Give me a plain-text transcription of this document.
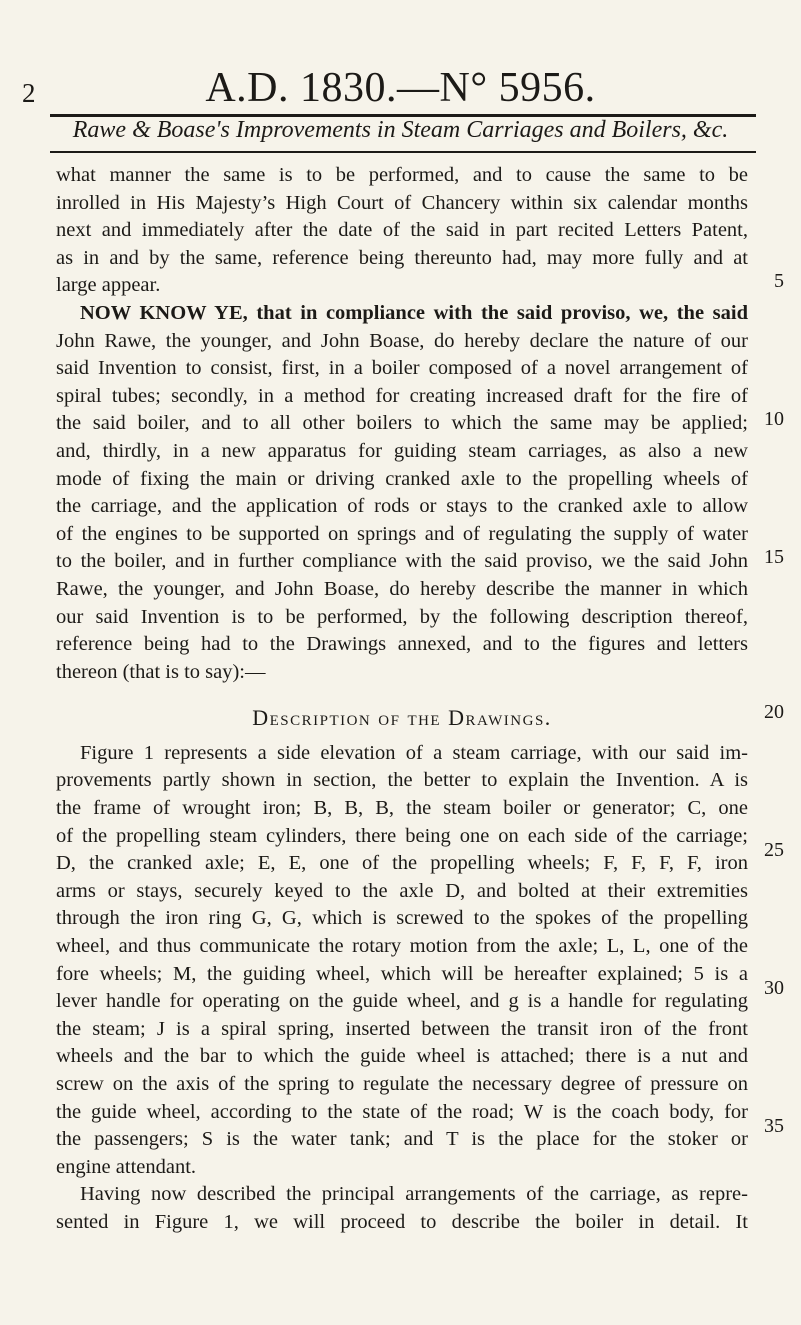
2	A.D. 1830.—N° 5956.
Rawe & Boase's Improvements in Steam Carriages and Boilers, &c.
what manner the same is to be performed, and to cause the same to be
inrolled in His Majesty’s High Court of Chancery within six calendar months
next and immediately after the date of the said in part recited Letters Patent,
as in and by the same, reference being thereunto had, may more fully and at
large appear.
NOW KNOW YE, that in compliance with the said proviso, we, the said
John Rawe, the younger, and John Boase, do hereby declare the nature of our
said Invention to consist, first, in a boiler composed of a novel arrangement of
spiral tubes; secondly, in a method for creating increased draft for the fire of
the said boiler, and to all other boilers to which the same may be applied;
and, thirdly, in a new apparatus for guiding steam carriages, as also a new
mode of fixing the main or driving cranked axle to the propelling wheels of
the carriage, and the application of rods or stays to the cranked axle to allow
of the engines to be supported on springs and of regulating the supply of water
to the boiler, and in further compliance with the said proviso, we the said John
Rawe, the younger, and John Boase, do hereby describe the manner in which
our said Invention is to be performed, by the following description thereof,
reference being had to the Drawings annexed, and to the figures and letters
thereon (that is to say):—
Description of the Drawings.
Figure 1 represents a side elevation of a steam carriage, with our said im-
provements partly shown in section, the better to explain the Invention. A is
the frame of wrought iron; B, B, B, the steam boiler or generator; C, one
of the propelling steam cylinders, there being one on each side of the carriage;
D, the cranked axle; E, E, one of the propelling wheels; F, F, F, F, iron
arms or stays, securely keyed to the axle D, and bolted at their extremities
through the iron ring G, G, which is screwed to the spokes of the propelling
wheel, and thus communicate the rotary motion from the axle; L, L, one of the
fore wheels; M, the guiding wheel, which will be hereafter explained; 5 is a
lever handle for operating on the guide wheel, and g is a handle for regulating
the steam; J is a spiral spring, inserted between the transit iron of the front
wheels and the bar to which the guide wheel is attached; there is a nut and
screw on the axis of the spring to regulate the necessary degree of pressure on
the guide wheel, according to the state of the road; W is the coach body, for
the passengers; S is the water tank; and T is the place for the stoker or
engine attendant.
Having now described the principal arrangements of the carriage, as repre-
sented in Figure 1, we will proceed to describe the boiler in detail. It
5
10
15
20
25
30
35
